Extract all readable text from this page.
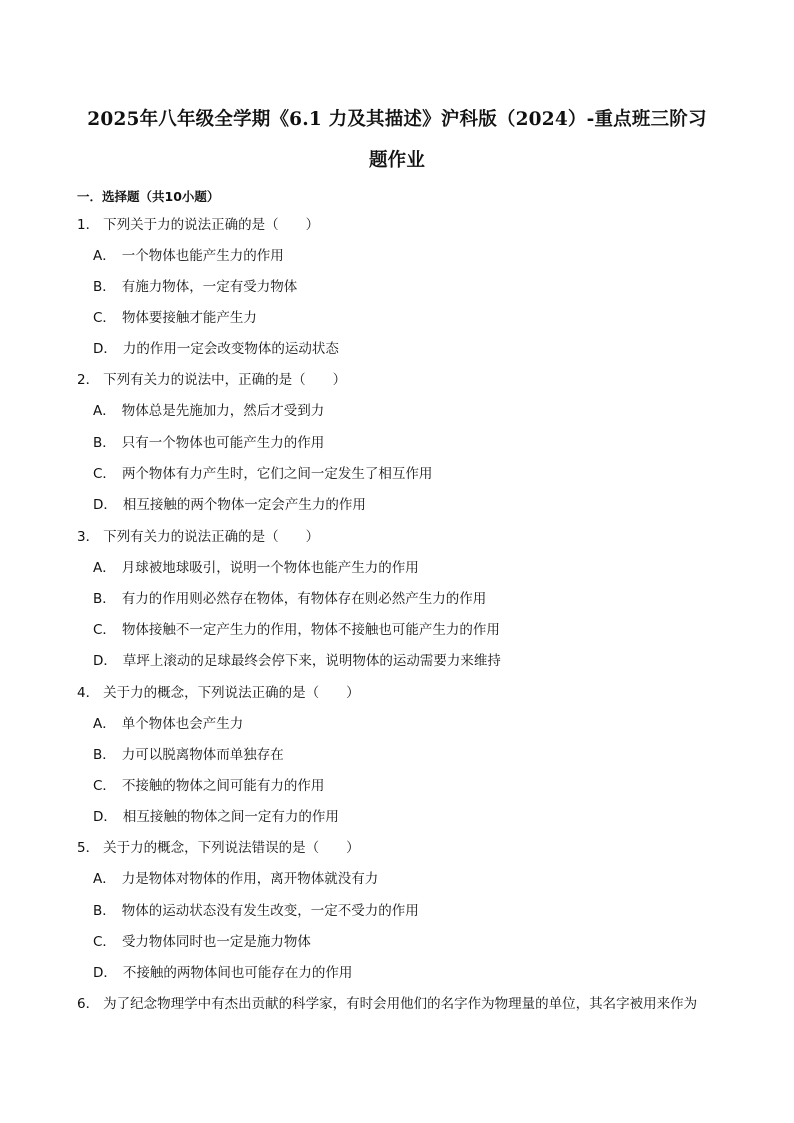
2025年八年级全学期《6.1 力及其描述》沪科版（2024）-重点班三阶习
题作业
一．选择题（共10小题）
1． 下列关于力的说法正确的是（　　）
A． 一个物体也能产生力的作用
B． 有施力物体，一定有受力物体
C． 物体要接触才能产生力
D． 力的作用一定会改变物体的运动状态
2． 下列有关力的说法中，正确的是（　　）
A． 物体总是先施加力，然后才受到力
B． 只有一个物体也可能产生力的作用
C． 两个物体有力产生时，它们之间一定发生了相互作用
D． 相互接触的两个物体一定会产生力的作用
3． 下列有关力的说法正确的是（　　）
A． 月球被地球吸引，说明一个物体也能产生力的作用
B． 有力的作用则必然存在物体，有物体存在则必然产生力的作用
C． 物体接触不一定产生力的作用，物体不接触也可能产生力的作用
D． 草坪上滚动的足球最终会停下来，说明物体的运动需要力来维持
4． 关于力的概念，下列说法正确的是（　　）
A． 单个物体也会产生力
B． 力可以脱离物体而单独存在
C． 不接触的物体之间可能有力的作用
D． 相互接触的物体之间一定有力的作用
5． 关于力的概念，下列说法错误的是（　　）
A． 力是物体对物体的作用，离开物体就没有力
B． 物体的运动状态没有发生改变，一定不受力的作用
C． 受力物体同时也一定是施力物体
D． 不接触的两物体间也可能存在力的作用
6． 为了纪念物理学中有杰出贡献的科学家，有时会用他们的名字作为物理量的单位，其名字被用来作为
